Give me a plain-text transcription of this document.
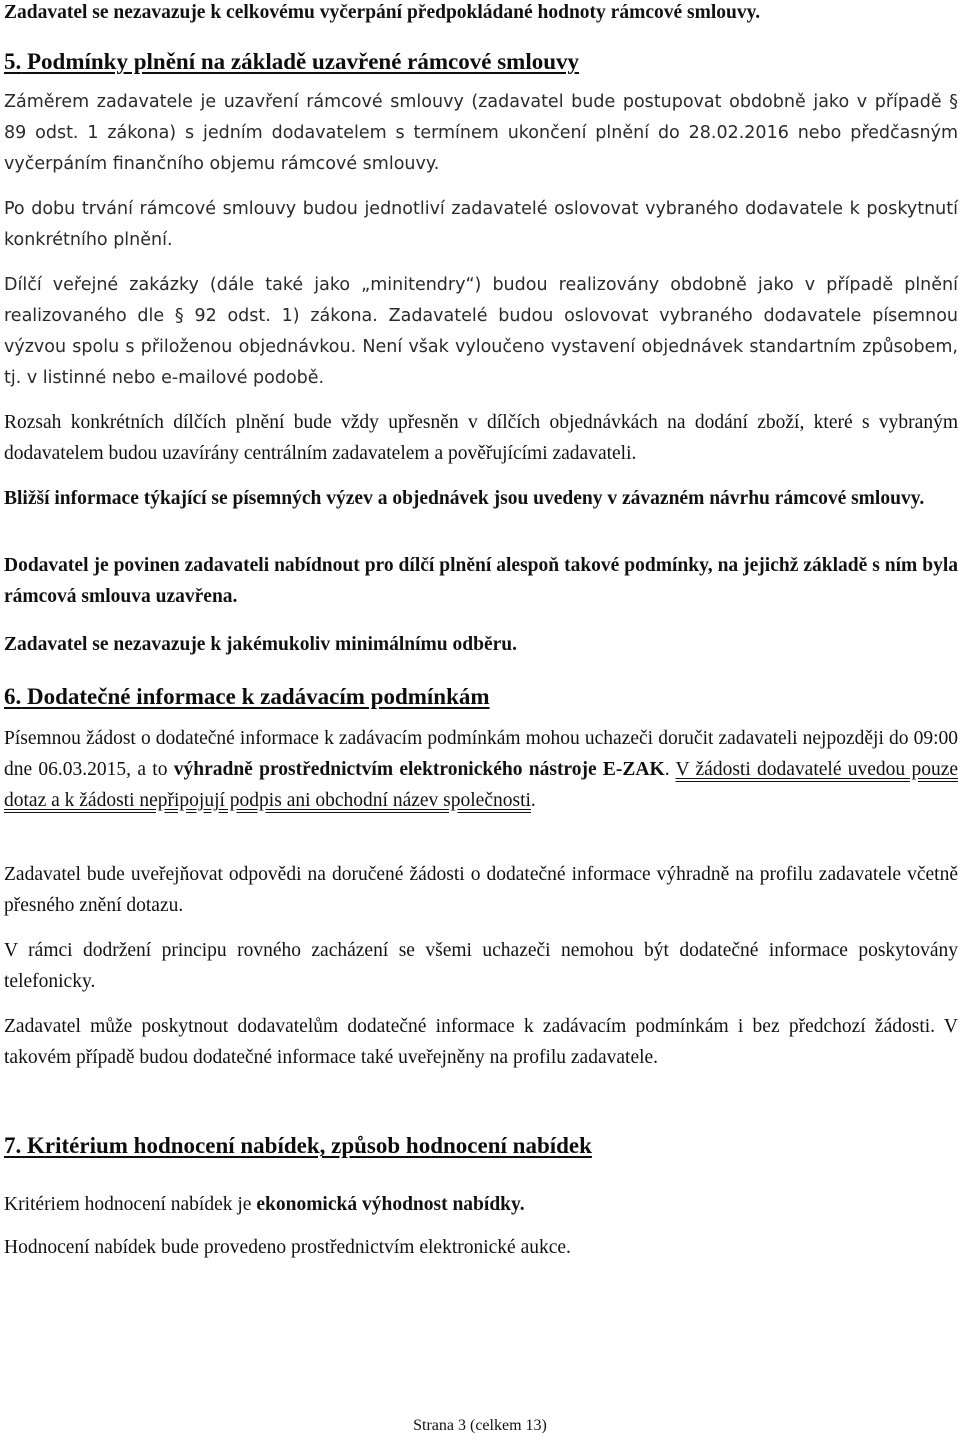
Zadavatel se nezavazuje k celkovému vyčerpání předpokládané hodnoty rámcové smlouvy.

5. Podmínky plnění na základě uzavřené rámcové smlouvy

Záměrem zadavatele je uzavření rámcové smlouvy (zadavatel bude postupovat obdobně jako v případě § 89 odst. 1 zákona) s jedním dodavatelem s termínem ukončení plnění do 28.02.2016 nebo předčasným vyčerpáním finančního objemu rámcové smlouvy.

Po dobu trvání rámcové smlouvy budou jednotliví zadavatelé oslovovat vybraného dodavatele k poskytnutí konkrétního plnění.

Dílčí veřejné zakázky (dále také jako „minitendry“) budou realizovány obdobně jako v případě plnění realizovaného dle § 92 odst. 1) zákona. Zadavatelé budou oslovovat vybraného dodavatele písemnou výzvou spolu s přiloženou objednávkou. Není však vyloučeno vystavení objednávek standartním způsobem, tj. v listinné nebo e-mailové podobě.

Rozsah konkrétních dílčích plnění bude vždy upřesněn v dílčích objednávkách na dodání zboží, které s vybraným dodavatelem budou uzavírány centrálním zadavatelem a pověřujícími zadavateli.

Bližší informace týkající se písemných výzev a objednávek jsou uvedeny v závazném návrhu rámcové smlouvy.

Dodavatel je povinen zadavateli nabídnout pro dílčí plnění alespoň takové podmínky, na jejichž základě s ním byla rámcová smlouva uzavřena.

Zadavatel se nezavazuje k jakémukoliv minimálnímu odběru.

6. Dodatečné informace k zadávacím podmínkám

Písemnou žádost o dodatečné informace k zadávacím podmínkám mohou uchazeči doručit zadavateli nejpozději do 09:00 dne 06.03.2015, a to výhradně prostřednictvím elektronického nástroje E-ZAK. V žádosti dodavatelé uvedou pouze dotaz a k žádosti nepřipojují podpis ani obchodní název společnosti.

Zadavatel bude uveřejňovat odpovědi na doručené žádosti o dodatečné informace výhradně na profilu zadavatele včetně přesného znění dotazu.

V rámci dodržení principu rovného zacházení se všemi uchazeči nemohou být dodatečné informace poskytovány telefonicky.

Zadavatel může poskytnout dodavatelům dodatečné informace k zadávacím podmínkám i bez předchozí žádosti. V takovém případě budou dodatečné informace také uveřejněny na profilu zadavatele.

7. Kritérium hodnocení nabídek, způsob hodnocení nabídek

Kritériem hodnocení nabídek je ekonomická výhodnost nabídky.

Hodnocení nabídek bude provedeno prostřednictvím elektronické aukce.

Strana 3 (celkem 13)
